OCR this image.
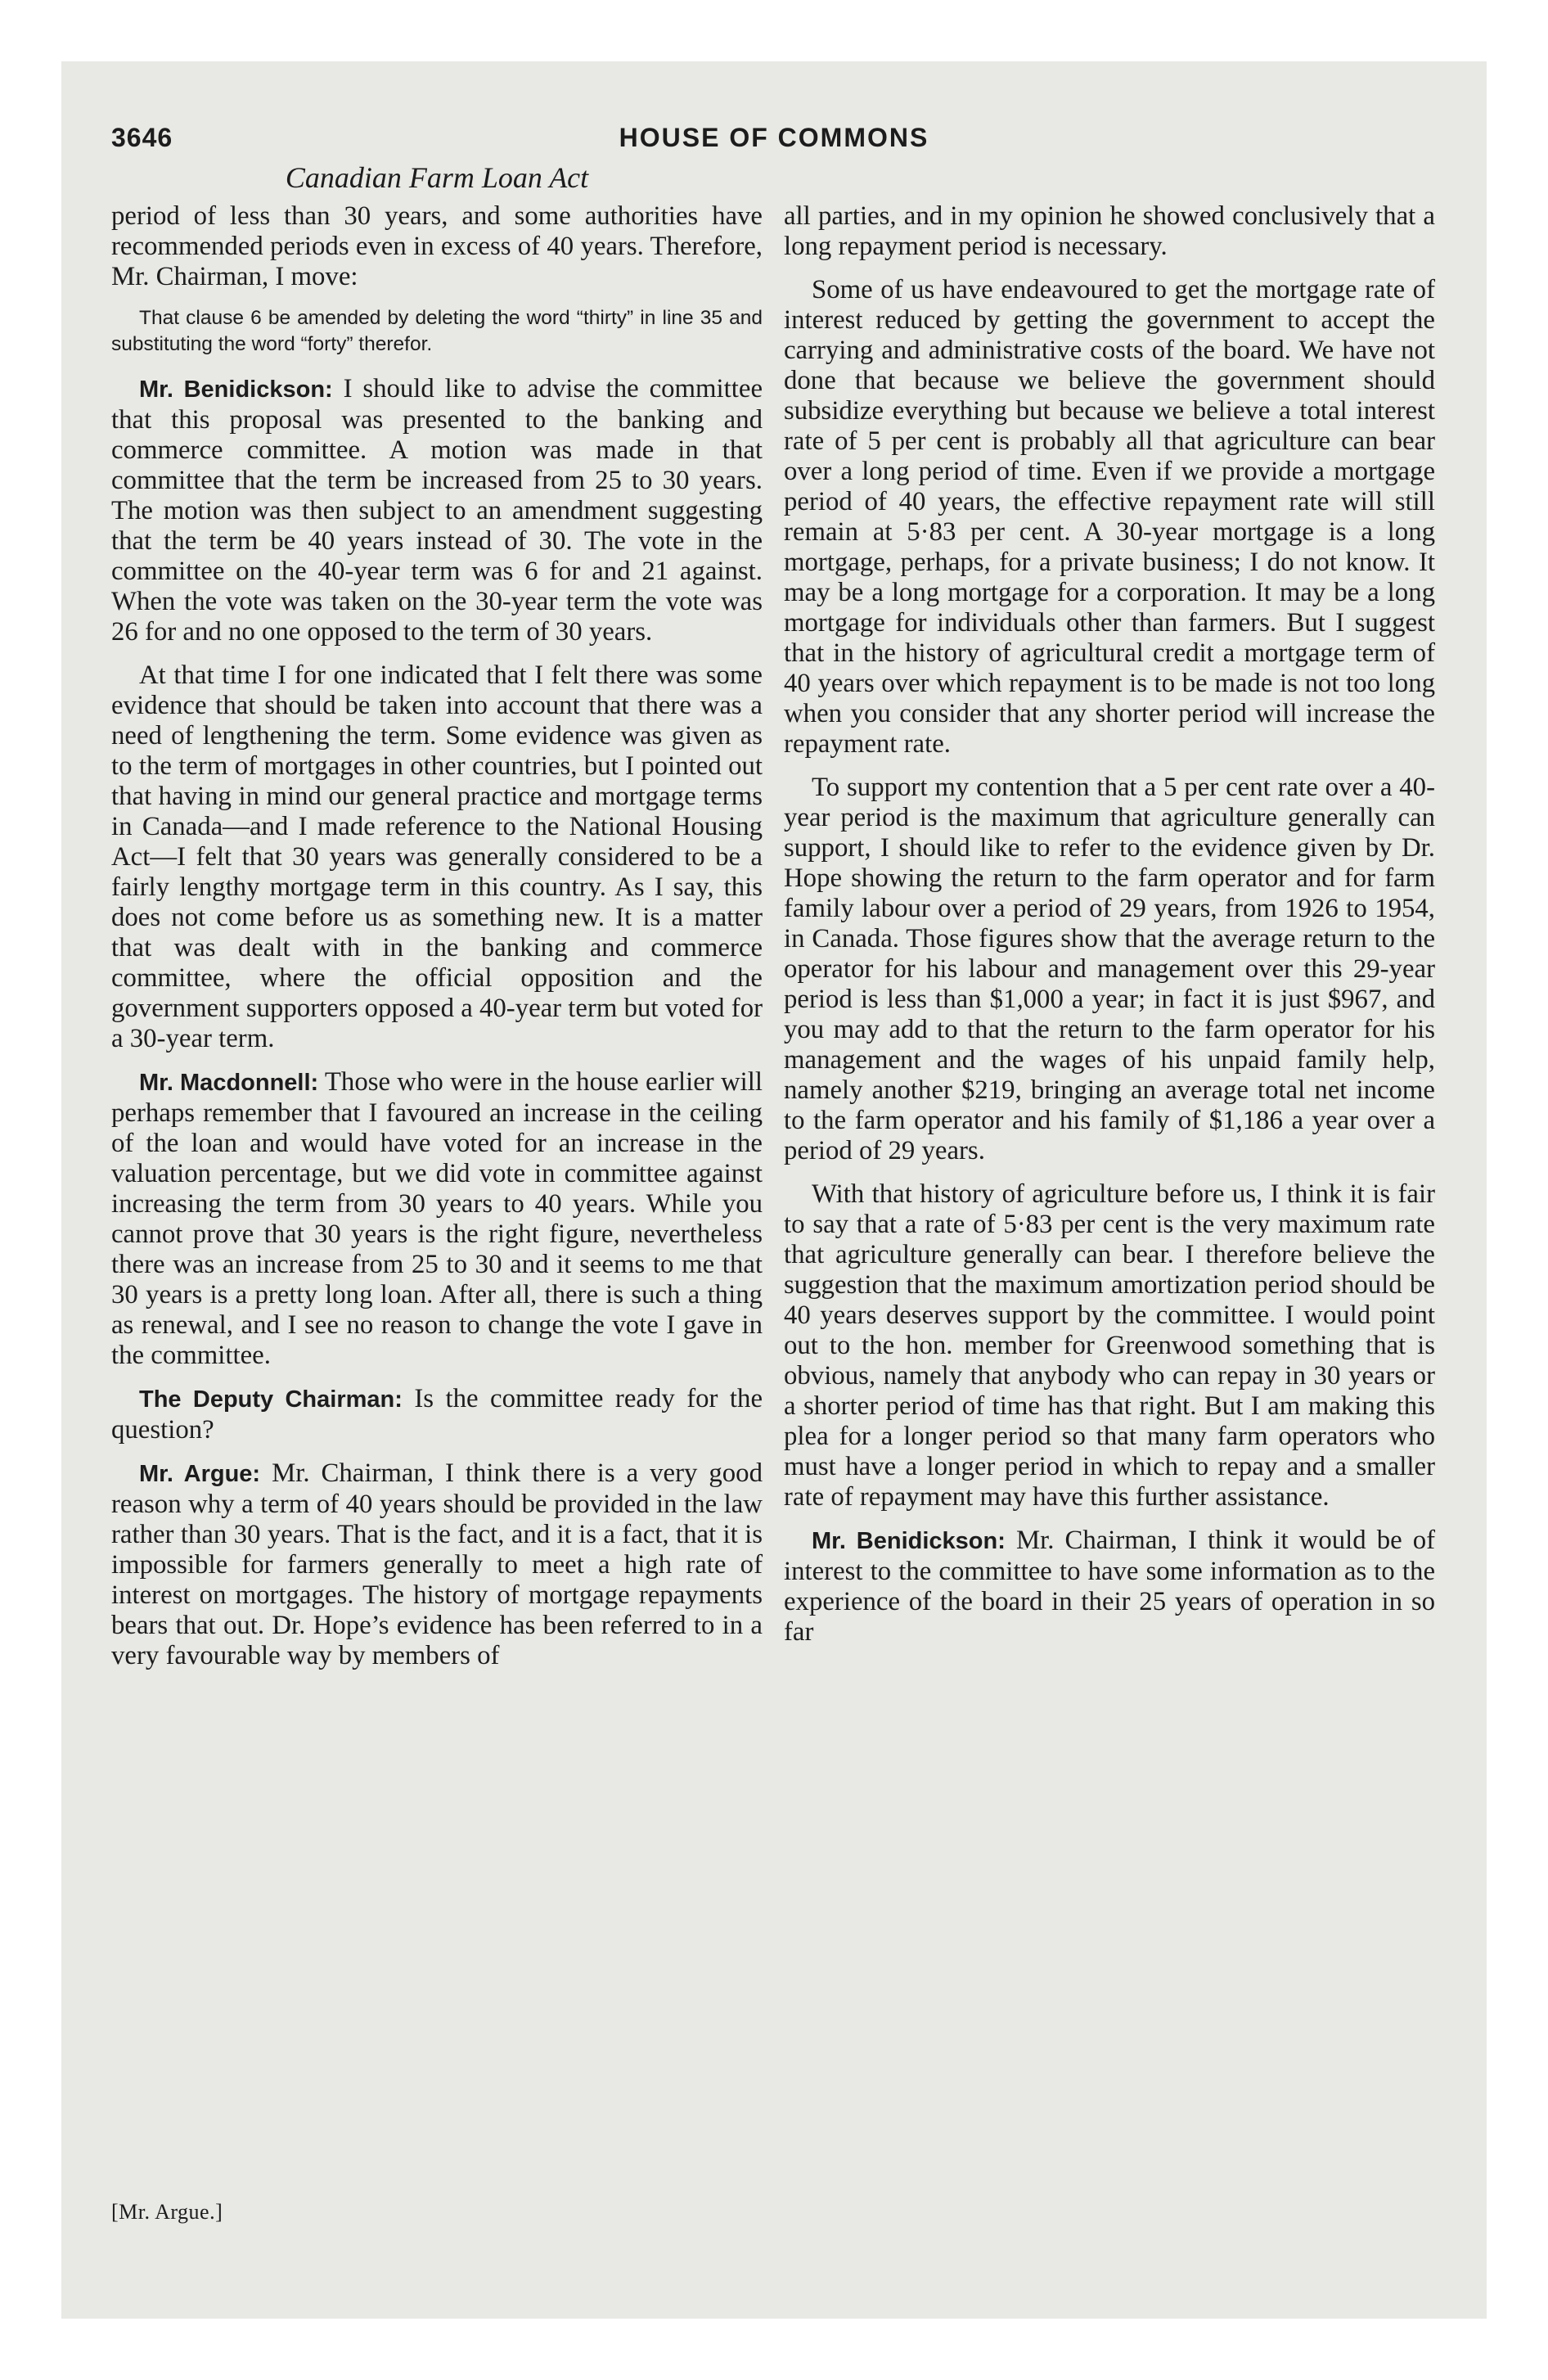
3646	HOUSE OF COMMONS
Canadian Farm Loan Act

period of less than 30 years, and some authorities have recommended periods even in excess of 40 years. Therefore, Mr. Chairman, I move:

That clause 6 be amended by deleting the word “thirty” in line 35 and substituting the word “forty” therefor.

Mr. Benidickson: I should like to advise the committee that this proposal was presented to the banking and commerce committee. A motion was made in that committee that the term be increased from 25 to 30 years. The motion was then subject to an amendment suggesting that the term be 40 years instead of 30. The vote in the committee on the 40-year term was 6 for and 21 against. When the vote was taken on the 30-year term the vote was 26 for and no one opposed to the term of 30 years.

At that time I for one indicated that I felt there was some evidence that should be taken into account that there was a need of lengthening the term. Some evidence was given as to the term of mortgages in other countries, but I pointed out that having in mind our general practice and mortgage terms in Canada—and I made reference to the National Housing Act—I felt that 30 years was generally considered to be a fairly lengthy mortgage term in this country. As I say, this does not come before us as something new. It is a matter that was dealt with in the banking and commerce committee, where the official opposition and the government supporters opposed a 40-year term but voted for a 30-year term.

Mr. Macdonnell: Those who were in the house earlier will perhaps remember that I favoured an increase in the ceiling of the loan and would have voted for an increase in the valuation percentage, but we did vote in committee against increasing the term from 30 years to 40 years. While you cannot prove that 30 years is the right figure, nevertheless there was an increase from 25 to 30 and it seems to me that 30 years is a pretty long loan. After all, there is such a thing as renewal, and I see no reason to change the vote I gave in the committee.

The Deputy Chairman: Is the committee ready for the question?

Mr. Argue: Mr. Chairman, I think there is a very good reason why a term of 40 years should be provided in the law rather than 30 years. That is the fact, and it is a fact, that it is impossible for farmers generally to meet a high rate of interest on mortgages. The history of mortgage repayments bears that out. Dr. Hope’s evidence has been referred to in a very favourable way by members of

all parties, and in my opinion he showed conclusively that a long repayment period is necessary.

Some of us have endeavoured to get the mortgage rate of interest reduced by getting the government to accept the carrying and administrative costs of the board. We have not done that because we believe the government should subsidize everything but because we believe a total interest rate of 5 per cent is probably all that agriculture can bear over a long period of time. Even if we provide a mortgage period of 40 years, the effective repayment rate will still remain at 5·83 per cent. A 30-year mortgage is a long mortgage, perhaps, for a private business; I do not know. It may be a long mortgage for a corporation. It may be a long mortgage for individuals other than farmers. But I suggest that in the history of agricultural credit a mortgage term of 40 years over which repayment is to be made is not too long when you consider that any shorter period will increase the repayment rate.

To support my contention that a 5 per cent rate over a 40-year period is the maximum that agriculture generally can support, I should like to refer to the evidence given by Dr. Hope showing the return to the farm operator and for farm family labour over a period of 29 years, from 1926 to 1954, in Canada. Those figures show that the average return to the operator for his labour and management over this 29-year period is less than $1,000 a year; in fact it is just $967, and you may add to that the return to the farm operator for his management and the wages of his unpaid family help, namely another $219, bringing an average total net income to the farm operator and his family of $1,186 a year over a period of 29 years.

With that history of agriculture before us, I think it is fair to say that a rate of 5·83 per cent is the very maximum rate that agriculture generally can bear. I therefore believe the suggestion that the maximum amortization period should be 40 years deserves support by the committee. I would point out to the hon. member for Greenwood something that is obvious, namely that anybody who can repay in 30 years or a shorter period of time has that right. But I am making this plea for a longer period so that many farm operators who must have a longer period in which to repay and a smaller rate of repayment may have this further assistance.

Mr. Benidickson: Mr. Chairman, I think it would be of interest to the committee to have some information as to the experience of the board in their 25 years of operation in so far

[Mr. Argue.]
